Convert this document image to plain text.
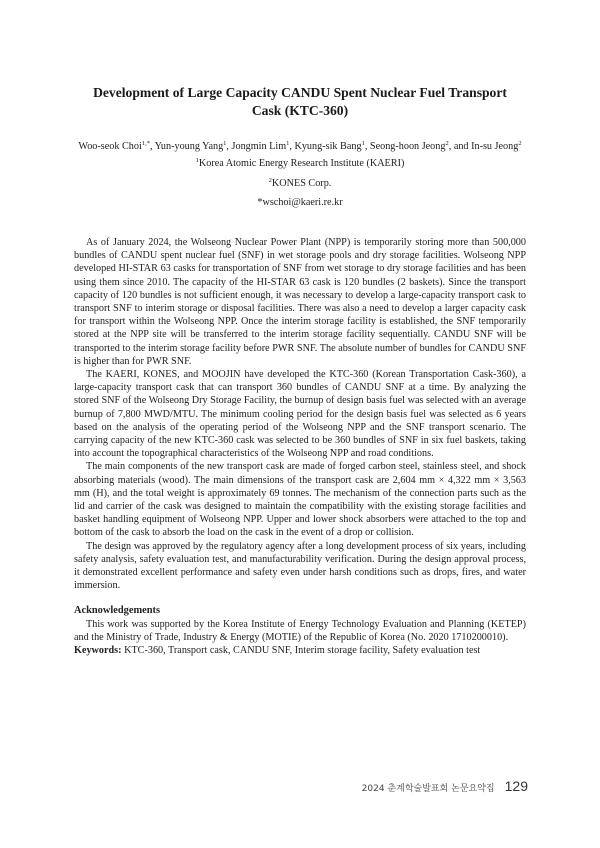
Development of Large Capacity CANDU Spent Nuclear Fuel Transport
Cask (KTC-360)
Woo-seok Choi$^{1,*}$, Yun-young Yang$^1$, Jongmin Lim$^1$, Kyung-sik Bang$^1$, Seong-hoon Jeong$^2$, and In-su Jeong$^2$
$^1$Korea Atomic Energy Research Institute (KAERI)
$^2$KONES Corp.
*wschoi@kaeri.re.kr

As of January 2024, the Wolseong Nuclear Power Plant (NPP) is temporarily storing more than 500,000 bundles of CANDU spent nuclear fuel (SNF) in wet storage pools and dry storage facilities. Wolseong NPP developed HI-STAR 63 casks for transportation of SNF from wet storage to dry storage facilities and has been using them since 2010. The capacity of the HI-STAR 63 cask is 120 bundles (2 baskets). Since the transport capacity of 120 bundles is not sufficient enough, it was necessary to develop a large-capacity transport cask to transport SNF to interim storage or disposal facilities. There was also a need to develop a larger capacity cask for transport within the Wolseong NPP. Once the interim storage facility is established, the SNF temporarily stored at the NPP site will be transferred to the interim storage facility sequentially. CANDU SNF will be transported to the interim storage facility before PWR SNF. The absolute number of bundles for CANDU SNF is higher than for PWR SNF.

The KAERI, KONES, and MOOJIN have developed the KTC-360 (Korean Transportation Cask-360), a large-capacity transport cask that can transport 360 bundles of CANDU SNF at a time. By analyzing the stored SNF of the Wolseong Dry Storage Facility, the burnup of design basis fuel was selected with an average burnup of 7,800 MWD/MTU. The minimum cooling period for the design basis fuel was selected as 6 years based on the analysis of the operating period of the Wolseong NPP and the SNF transport scenario. The carrying capacity of the new KTC-360 cask was selected to be 360 bundles of SNF in six fuel baskets, taking into account the topographical characteristics of the Wolseong NPP and road conditions.

The main components of the new transport cask are made of forged carbon steel, stainless steel, and shock absorbing materials (wood). The main dimensions of the transport cask are 2,604 mm × 4,322 mm × 3,563 mm (H), and the total weight is approximately 69 tonnes. The mechanism of the connection parts such as the lid and carrier of the cask was designed to maintain the compatibility with the existing storage facilities and basket handling equipment of Wolseong NPP. Upper and lower shock absorbers were attached to the top and bottom of the cask to absorb the load on the cask in the event of a drop or collision.

The design was approved by the regulatory agency after a long development process of six years, including safety analysis, safety evaluation test, and manufacturability verification. During the design approval process, it demonstrated excellent performance and safety even under harsh conditions such as drops, fires, and water immersion.

Acknowledgements

This work was supported by the Korea Institute of Energy Technology Evaluation and Planning (KETEP) and the Ministry of Trade, Industry & Energy (MOTIE) of the Republic of Korea (No. 2020 1710200010).

Keywords: KTC-360, Transport cask, CANDU SNF, Interim storage facility, Safety evaluation test

2024 춘계학술발표회 논문요약집 129
